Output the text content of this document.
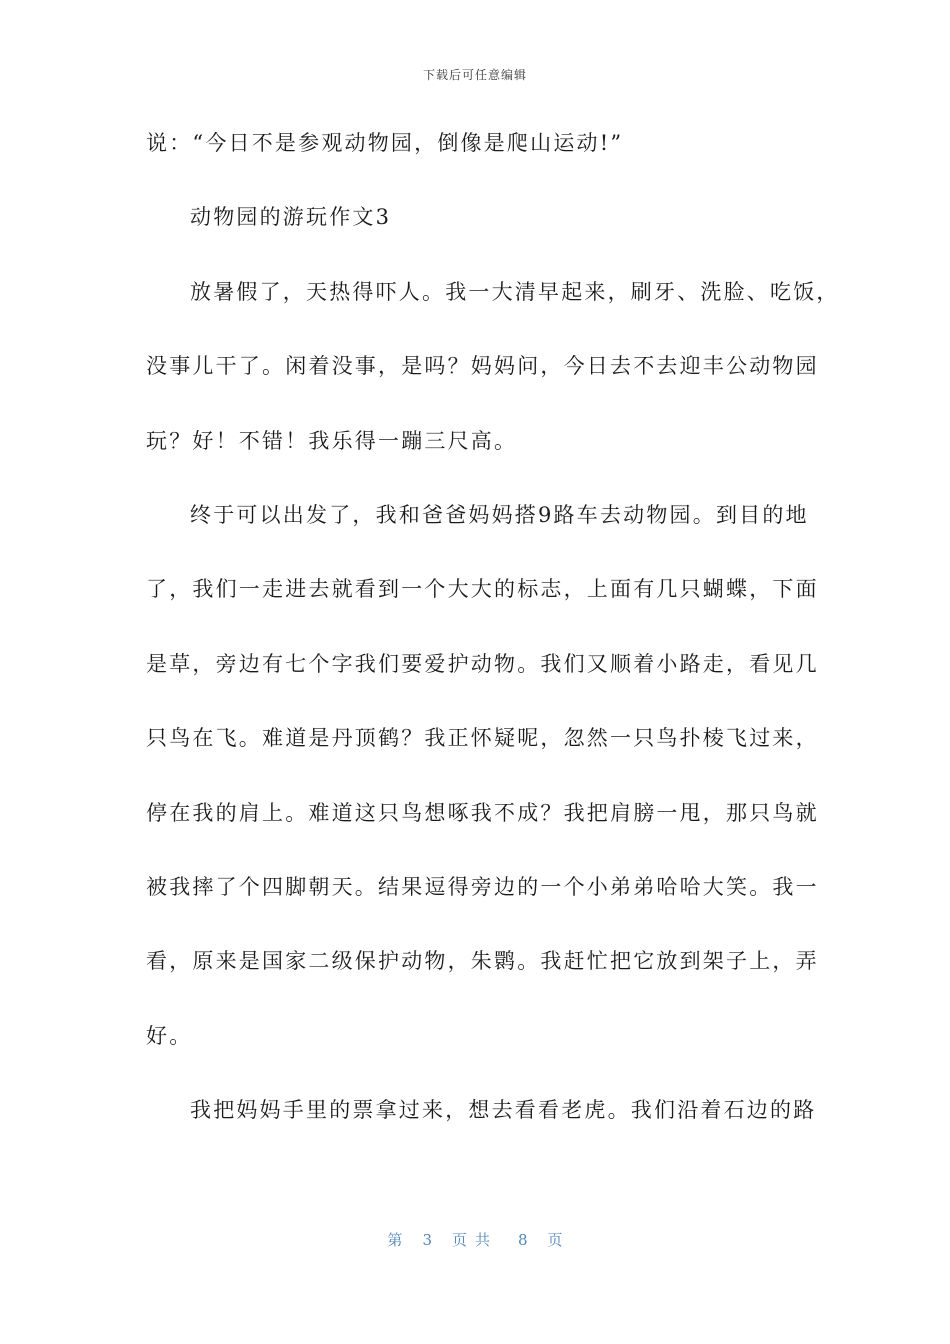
下载后可任意编辑
说：“今日不是参观动物园，倒像是爬山运动!”
动物园的游玩作文3
放暑假了，天热得吓人。我一大清早起来，刷牙、洗脸、吃饭，
没事儿干了。闲着没事，是吗？妈妈问，今日去不去迎丰公动物园
玩？好！不错！我乐得一蹦三尺高。
终于可以出发了，我和爸爸妈妈搭9路车去动物园。到目的地
了，我们一走进去就看到一个大大的标志，上面有几只蝴蝶，下面
是草，旁边有七个字我们要爱护动物。我们又顺着小路走，看见几
只鸟在飞。难道是丹顶鹤？我正怀疑呢，忽然一只鸟扑棱飞过来，
停在我的肩上。难道这只鸟想啄我不成？我把肩膀一甩，那只鸟就
被我摔了个四脚朝天。结果逗得旁边的一个小弟弟哈哈大笑。我一
看，原来是国家二级保护动物，朱鹮。我赶忙把它放到架子上，弄
好。
我把妈妈手里的票拿过来，想去看看老虎。我们沿着石边的路
第 3 页共 8 页
